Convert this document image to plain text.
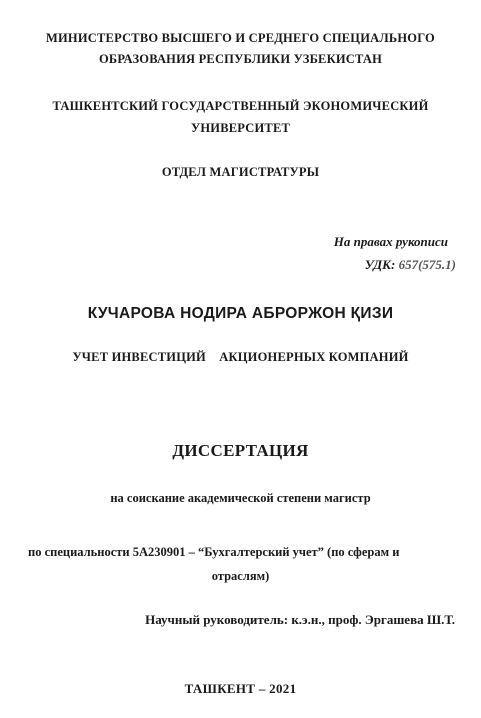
МИНИСТЕРСТВО ВЫСШЕГО И СРЕДНЕГО СПЕЦИАЛЬНОГО
ОБРАЗОВАНИЯ РЕСПУБЛИКИ УЗБЕКИСТАН
ТАШКЕНТСКИЙ ГОСУДАРСТВЕННЫЙ ЭКОНОМИЧЕСКИЙ
УНИВЕРСИТЕТ
ОТДЕЛ МАГИСТРАТУРЫ
На правах рукописи
УДК: 657(575.1)
КУЧАРОВА НОДИРА АБРОРЖОН ҚИЗИ
УЧЕТ ИНВЕСТИЦИЙ    АКЦИОНЕРНЫХ КОМПАНИЙ
ДИССЕРТАЦИЯ
на соискание академической степени магистр
по специальности 5А230901 – “Бухгалтерский учет” (по сферам и
отраслям)
Научный руководитель: к.э.н., проф. Эргашева Ш.Т.
ТАШКЕНТ – 2021
